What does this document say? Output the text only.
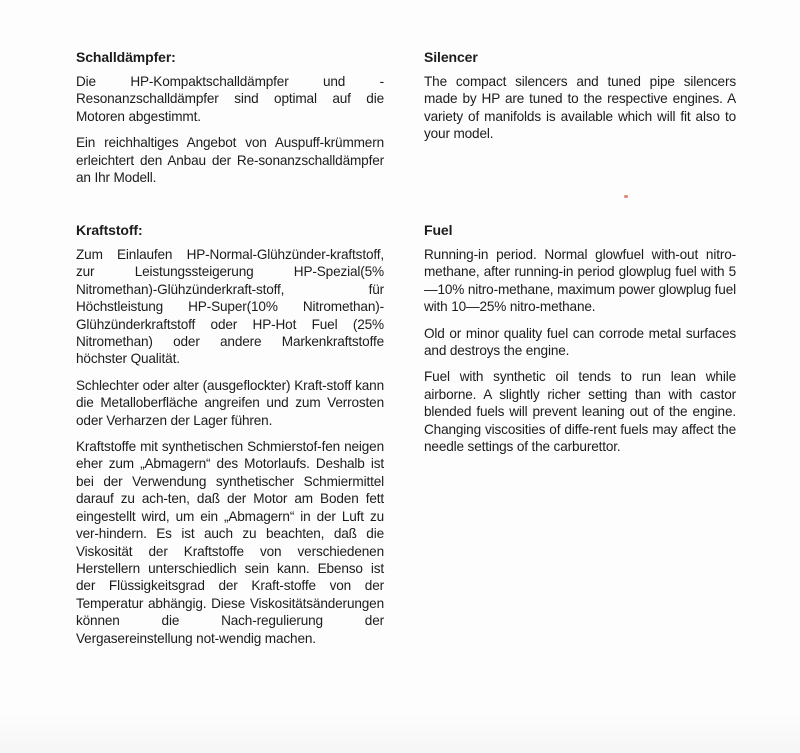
Schalldämpfer:

Die HP-Kompaktschalldämpfer und -Resonanzschalldämpfer sind optimal auf die Motoren abgestimmt.

Ein reichhaltiges Angebot von Auspuff-krümmern erleichtert den Anbau der Re-sonanzschalldämpfer an Ihr Modell.

Kraftstoff:

Zum Einlaufen HP-Normal-Glühzünder-kraftstoff, zur Leistungssteigerung HP-Spezial(5% Nitromethan)-Glühzünderkraft-stoff, für Höchstleistung HP-Super(10% Nitromethan)-Glühzünderkraftstoff oder HP-Hot Fuel (25% Nitromethan) oder andere Markenkraftstoffe höchster Qualität.

Schlechter oder alter (ausgeflockter) Kraft-stoff kann die Metalloberfläche angreifen und zum Verrosten oder Verharzen der Lager führen.

Kraftstoffe mit synthetischen Schmierstof-fen neigen eher zum „Abmagern“ des Motorlaufs. Deshalb ist bei der Verwendung synthetischer Schmiermittel darauf zu ach-ten, daß der Motor am Boden fett eingestellt wird, um ein „Abmagern“ in der Luft zu ver-hindern. Es ist auch zu beachten, daß die Viskosität der Kraftstoffe von verschiedenen Herstellern unterschiedlich sein kann. Ebenso ist der Flüssigkeitsgrad der Kraft-stoffe von der Temperatur abhängig. Diese Viskositätsänderungen können die Nach-regulierung der Vergasereinstellung not-wendig machen.

Silencer

The compact silencers and tuned pipe silencers made by HP are tuned to the respective engines. A variety of manifolds is available which will fit also to your model.

Fuel

Running-in period. Normal glowfuel with-out nitro-methane, after running-in period glowplug fuel with 5—10% nitro-methane, maximum power glowplug fuel with 10—25% nitro-methane.

Old or minor quality fuel can corrode metal surfaces and destroys the engine.

Fuel with synthetic oil tends to run lean while airborne. A slightly richer setting than with castor blended fuels will prevent leaning out of the engine. Changing viscosities of diffe-rent fuels may affect the needle settings of the carburettor.
